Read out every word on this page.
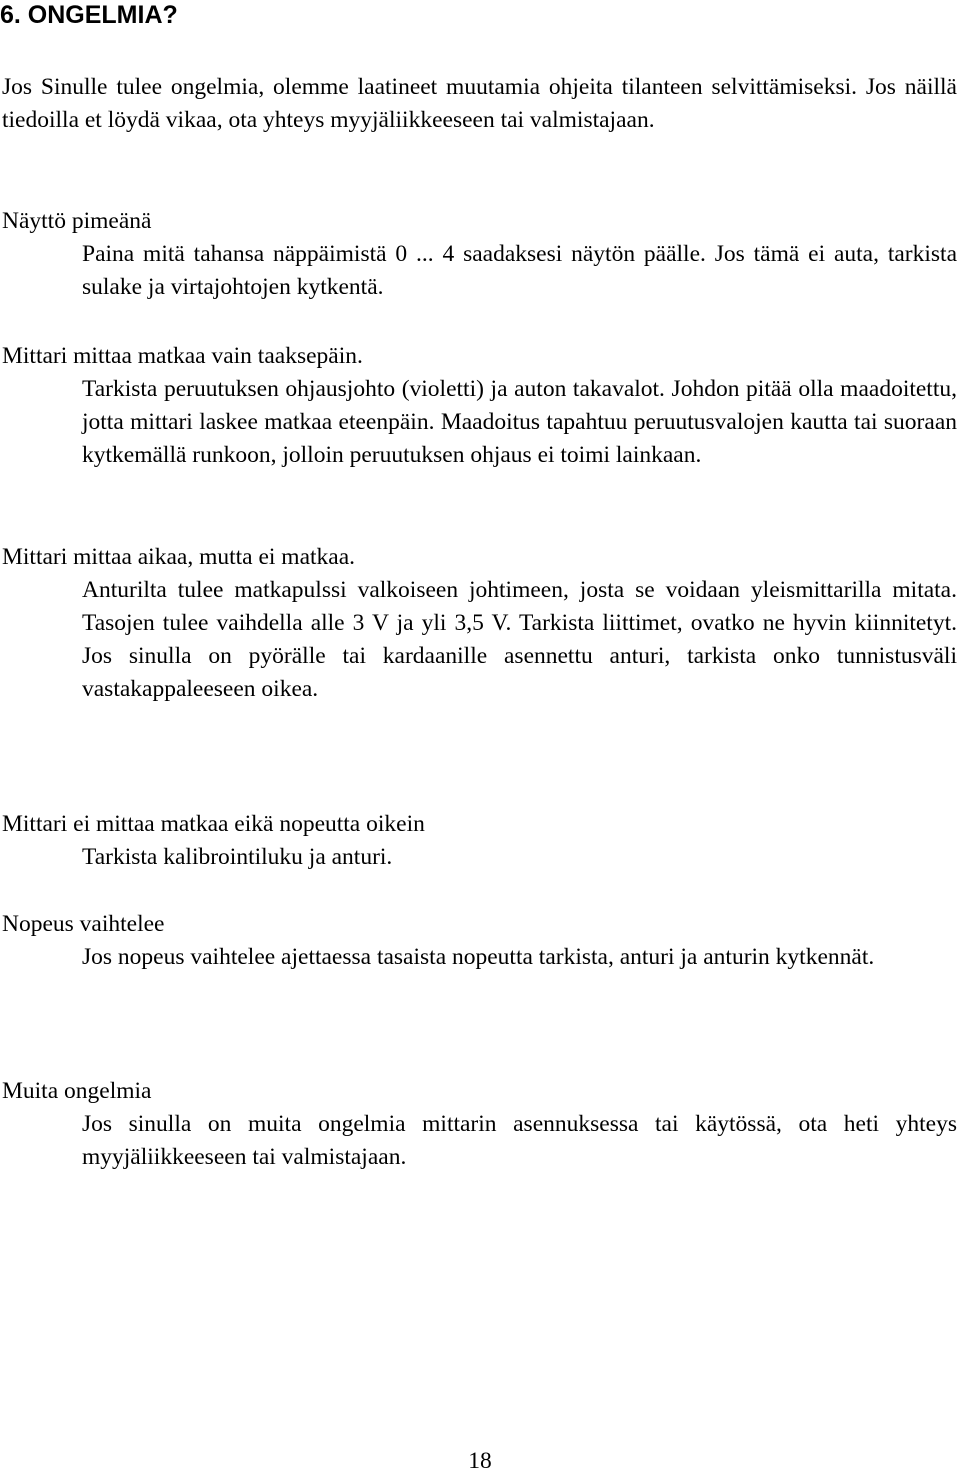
6. ONGELMIA?

Jos Sinulle tulee ongelmia, olemme laatineet muutamia ohjeita tilanteen selvittämiseksi. Jos näillä tiedoilla et löydä vikaa, ota yhteys myyjäliikkeeseen tai valmistajaan.

Näyttö pimeänä

Paina mitä tahansa näppäimistä 0 ... 4 saadaksesi näytön päälle. Jos tämä ei auta, tarkista sulake ja virtajohtojen kytkentä.

Mittari mittaa matkaa vain taaksepäin.

Tarkista peruutuksen ohjausjohto (violetti) ja auton takavalot. Johdon pitää olla maadoitettu, jotta mittari laskee matkaa eteenpäin. Maadoitus tapahtuu peruutusvalojen kautta tai suoraan kytkemällä runkoon, jolloin peruutuksen ohjaus ei toimi lainkaan.

Mittari mittaa aikaa, mutta ei matkaa.

Anturilta tulee matkapulssi valkoiseen johtimeen, josta se voidaan yleismittarilla mitata. Tasojen tulee vaihdella alle 3 V ja yli 3,5 V. Tarkista liittimet, ovatko ne hyvin kiinnitetyt. Jos sinulla on pyörälle tai kardaanille asennettu anturi, tarkista onko tunnistusväli vastakappaleeseen oikea.

Mittari ei mittaa matkaa eikä nopeutta oikein

Tarkista kalibrointiluku ja anturi.

Nopeus vaihtelee

Jos nopeus vaihtelee ajettaessa tasaista nopeutta tarkista, anturi ja anturin kytkennät.

Muita ongelmia

Jos sinulla on muita ongelmia mittarin asennuksessa tai käytössä, ota heti yhteys myyjäliikkeeseen tai valmistajaan.

18
